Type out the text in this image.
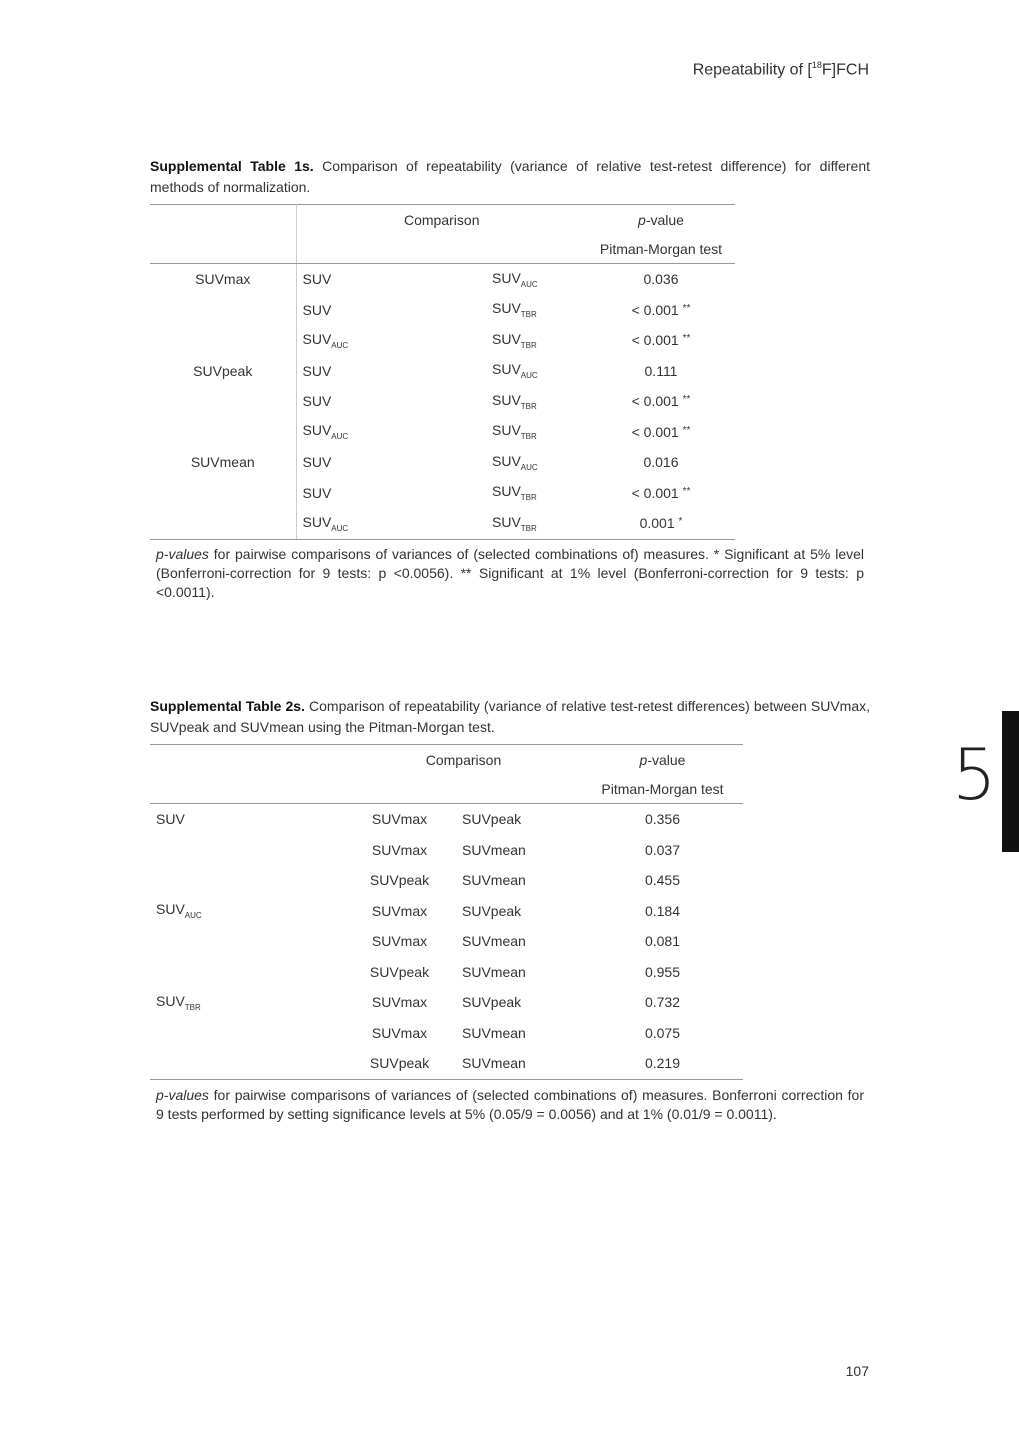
Repeatability of [$^{18}$F]FCH
5
Supplemental Table 1s. Comparison of repeatability (variance of relative test-retest difference) for different methods of normalization.
	Comparison		p-value
			Pitman-Morgan test
SUVmax	SUV	$SUV_{AUC}$	0.036
	SUV	$SUV_{TBR}$	< 0.001 **
	$SUV_{AUC}$	$SUV_{TBR}$	< 0.001 **
SUVpeak	SUV	$SUV_{AUC}$	0.111
	SUV	$SUV_{TBR}$	< 0.001 **
	$SUV_{AUC}$	$SUV_{TBR}$	< 0.001 **
SUVmean	SUV	$SUV_{AUC}$	0.016
	SUV	$SUV_{TBR}$	< 0.001 **
	$SUV_{AUC}$	$SUV_{TBR}$	0.001 *
p-values for pairwise comparisons of variances of (selected combinations of) measures. * Significant at 5% level (Bonferroni-correction for 9 tests: p <0.0056). ** Significant at 1% level (Bonferroni-correction for 9 tests: p <0.0011).
Supplemental Table 2s. Comparison of repeatability (variance of relative test-retest differences) between SUVmax, SUVpeak and SUVmean using the Pitman-Morgan test.
	Comparison		p-value
			Pitman-Morgan test
SUV	SUVmax	SUVpeak	0.356
	SUVmax	SUVmean	0.037
	SUVpeak	SUVmean	0.455
$SUV_{AUC}$	SUVmax	SUVpeak	0.184
	SUVmax	SUVmean	0.081
	SUVpeak	SUVmean	0.955
$SUV_{TBR}$	SUVmax	SUVpeak	0.732
	SUVmax	SUVmean	0.075
	SUVpeak	SUVmean	0.219
p-values for pairwise comparisons of variances of (selected combinations of) measures. Bonferroni correction for 9 tests performed by setting significance levels at 5% (0.05/9 = 0.0056) and at 1% (0.01/9 = 0.0011).
107
